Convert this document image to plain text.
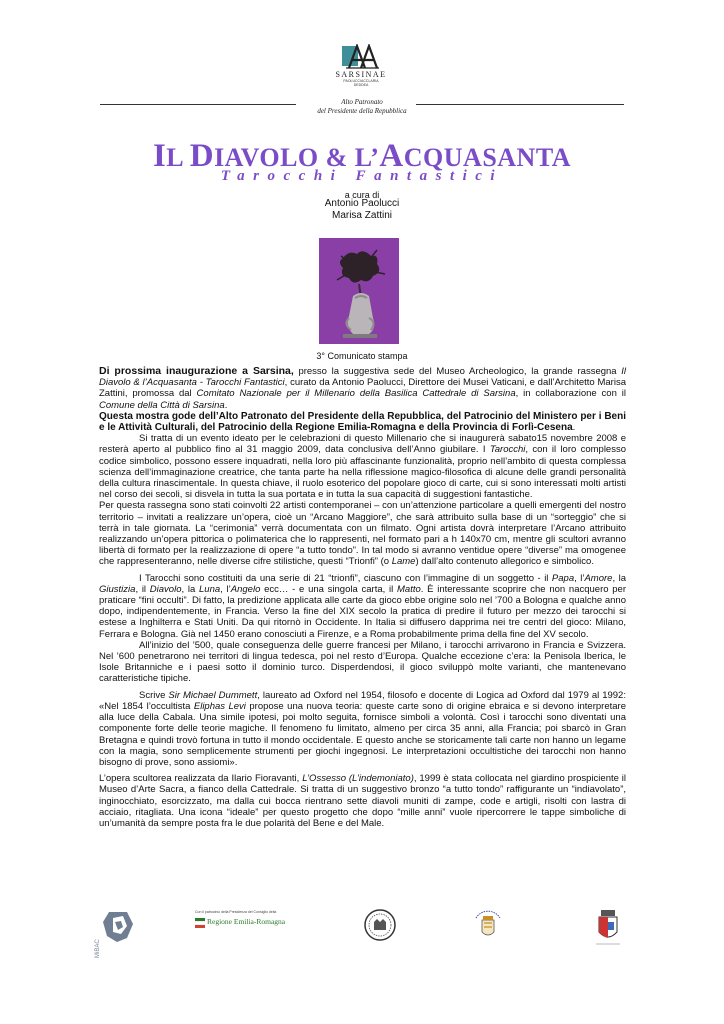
SARSINAE
PAOLUCCIACCLARIA
DEDDEA
Alto Patronato
del Presidente della Repubblica
IL DIAVOLO & L’ACQUASANTA
Tarocchi Fantastici
a cura di
Antonio Paolucci
Marisa Zattini
3° Comunicato stampa

Di prossima inaugurazione a Sarsina, presso la suggestiva sede del Museo Archeologico, la grande rassegna Il Diavolo & l’Acquasanta - Tarocchi Fantastici, curato da Antonio Paolucci, Direttore dei Musei Vaticani, e dall’Architetto Marisa Zattini, promossa dal Comitato Nazionale per il Millenario della Basilica Cattedrale di Sarsina, in collaborazione con il Comune della Città di Sarsina.

Questa mostra gode dell’Alto Patronato del Presidente della Repubblica, del Patrocinio del Ministero per i Beni e le Attività Culturali, del Patrocinio della Regione Emilia-Romagna e della Provincia di Forlì-Cesena.

Si tratta di un evento ideato per le celebrazioni di questo Millenario che si inaugurerà sabato15 novembre 2008 e resterà aperto al pubblico fino al 31 maggio 2009, data conclusiva dell’Anno giubilare. I Tarocchi, con il loro complesso codice simbolico, possono essere inquadrati, nella loro più affascinante funzionalità, proprio nell’ambito di questa complessa scienza dell’immaginazione creatrice, che tanta parte ha nella riflessione magico-filosofica di alcune delle grandi personalità della cultura rinascimentale. In questa chiave, il ruolo esoterico del popolare gioco di carte, cui si sono interessati molti artisti nel corso dei secoli, si disvela in tutta la sua portata e in tutta la sua capacità di suggestioni fantastiche.

Per questa rassegna sono stati coinvolti 22 artisti contemporanei – con un’attenzione particolare a quelli emergenti del nostro territorio – invitati a realizzare un’opera, cioè un “Arcano Maggiore”, che sarà attribuito sulla base di un “sorteggio” che si terrà in tale giornata. La “cerimonia” verrà documentata con un filmato. Ogni artista dovrà interpretare l’Arcano attribuito realizzando un’opera pittorica o polimaterica che lo rappresenti, nel formato pari a h 140x70 cm, mentre gli scultori avranno libertà di formato per la realizzazione di opere “a tutto tondo”. In tal modo si avranno ventidue opere “diverse” ma omogenee che rappresenteranno, nelle diverse cifre stilistiche, questi “Trionfi” (o Lame) dall’alto contenuto allegorico e simbolico.

I Tarocchi sono costituiti da una serie di 21 “trionfi”, ciascuno con l’immagine di un soggetto - il Papa, l’Amore, la Giustizia, il Diavolo, la Luna, l’Angelo ecc… - e una singola carta, il Matto. È interessante scoprire che non nacquero per praticare “fini occulti”. Di fatto, la predizione applicata alle carte da gioco ebbe origine solo nel ’700 a Bologna e qualche anno dopo, indipendentemente, in Francia. Verso la fine del XIX secolo la pratica di predire il futuro per mezzo dei tarocchi si estese a Inghilterra e Stati Uniti. Da qui ritornò in Occidente. In Italia si diffusero dapprima nei tre centri del gioco: Milano, Ferrara e Bologna. Già nel 1450 erano conosciuti a Firenze, e a Roma probabilmente prima della fine del XV secolo.

All’inizio del ’500, quale conseguenza delle guerre francesi per Milano, i tarocchi arrivarono in Francia e Svizzera. Nel ’600 penetrarono nei territori di lingua tedesca, poi nel resto d’Europa. Qualche eccezione c’era: la Penisola Iberica, le Isole Britanniche e i paesi sotto il dominio turco. Disperdendosi, il gioco sviluppò molte varianti, che mantenevano caratteristiche tipiche.

Scrive Sir Michael Dummett, laureato ad Oxford nel 1954, filosofo e docente di Logica ad Oxford dal 1979 al 1992: «Nel 1854 l’occultista Eliphas Levi propose una nuova teoria: queste carte sono di origine ebraica e si devono interpretare alla luce della Cabala. Una simile ipotesi, poi molto seguita, fornisce simboli a volontà. Così i tarocchi sono diventati una componente forte delle teorie magiche. Il fenomeno fu limitato, almeno per circa 35 anni, alla Francia; poi sbarcò in Gran Bretagna e quindi trovò fortuna in tutto il mondo occidentale. E questo anche se storicamente tali carte non hanno un legame con la magia, sono semplicemente strumenti per giochi ingegnosi. Le interpretazioni occultistiche dei tarocchi non hanno bisogno di prove, sono assiomi».

L’opera scultorea realizzata da Ilario Fioravanti, L’Ossesso (L’indemoniato), 1999 è stata collocata nel giardino prospiciente il Museo d’Arte Sacra, a fianco della Cattedrale. Si tratta di un suggestivo bronzo “a tutto tondo” raffigurante un “indiavolato”, inginocchiato, esorcizzato, ma dalla cui bocca rientrano sette diavoli muniti di zampe, code e artigli, risolti con lastra di acciaio, ritagliata. Una icona “ideale” per questo progetto che dopo “mille anni” vuole ripercorrere le tappe simboliche di un’umanità da sempre posta fra le due polarità del Bene e del Male.

MiBAC
Con il patrocinio della Presidenza del Consiglio della
Regione Emilia-Romagna
